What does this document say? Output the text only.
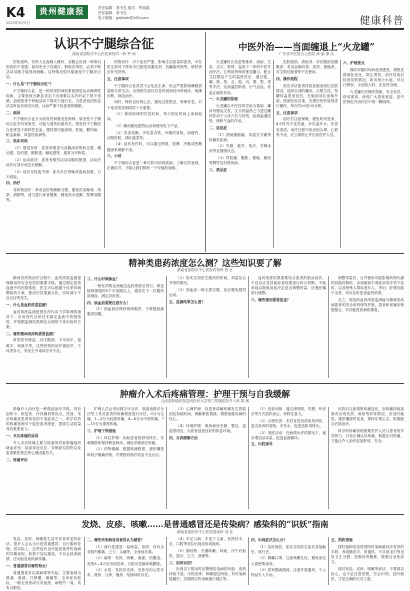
K4	贵州健康报
2023年9月5日
责任编辑：蔡书先 版式：罗丽娟
责任编辑：蔡书先
电子邮箱：gzjkbzk@163.com	健康科普
认识不宁腿综合征
湖南省邵阳市中心医院神经内一科 罗 雨

你知道吗，有些人在夜晚入睡时，双腿会出现一种难以形容的不适感，如同有虫子在爬行、蚂蚁在啃咬，必须不断活动双腿才能得到缓解。这种情况很可能就是不宁腿综合征。

一、什么是“不宁腿综合征”？

不宁腿综合征，是一种常见的神经系统感觉运动障碍性疾病，主要表现为静息状态下出现难以名状的双下肢不适感，迫使患者不停地活动下肢或下地行走，当患者返回休息状态时症状再次出现，从而严重干扰患者的睡眠。

二、病因

不宁腿综合征分为原发性和继发性两种。原发性不宁腿综合征多有家族史，可能与遗传因素有关；继发性不宁腿综合征常见于缺铁性贫血、慢性肾功能衰竭、妊娠、糖尿病、帕金森病、风湿性疾病等。

三、临床表现

（1）感觉异常：患者常描述为双腿深部的蚁走感、蠕动感、烧灼感、酸胀感、触电感等，通常为对称性。

（2）运动症状：患者有强烈活动双腿的愿望，活动后症状可部分或完全缓解。

（3）症状呈昼夜节律：症状多在傍晚或夜间加重，白天较轻。

四、治疗

非药物治疗：养成良好的睡眠习惯，避免饮用咖啡、浓茶、酒精等，适当进行体育锻炼，睡前热水泡脚、按摩双腿等。

药物治疗：对于症状严重、影响生活质量的患者，可在医生指导下使用多巴胺受体激动剂、抗癫痫药物等，缺铁者应补充铁剂。

五、注意事项

不宁腿综合征虽然不会危及生命，但会严重影响睡眠质量和日常生活，出现相关症状应及时到神经内科就诊，明确诊断，规范治疗。

同时，保持良好的心态，避免过度焦虑，规律作息，对于症状的控制同样十分重要。

（1）保持规律的作息时间，每天固定时间上床和起床。

（2）睡前避免剧烈运动和使用电子产品。

（3）饮食均衡，多吃富含铁、叶酸的食物，如瘦肉、动物肝脏、绿叶蔬菜等。

（4）症状发作时，可以通过伸展、按摩、冷敷或热敷腿部来缓解不适。

六、小结

不宁腿综合征是一种可防可治的疾病，了解它的表现，正确应对，才能让我们拥有一个安稳的夜晚。

中医外治——当面缠退上“火龙罐”
广东省中医院白云医院 徐 丽 谭 洁

火龙罐综合灸是集推拿、刮痧、艾灸、点穴、熨烫、温灸于一体的中医外治疗法。它利用特制的莲花罐口，配合艾柱燃烧产生的温热效应，通过揉、碾、推、按、点、摇、闪、震、熨、烫等手法，达到温经散寒、行气活血、祛湿止痛的作用。

一、火龙罐的原理

火龙罐以中医经络学说为基础，罐体内燃烧艾柱，艾火的温热之力透过罐体作用于人体穴位与经络，起到温通经络、调和气血的作用。

二、适应症

（1）颈肩腰腿痛、风湿关节痛等疼痛类疾病。

（2）失眠、疲劳、怕冷、手脚冰凉等亚健康状态。

（3）胃脘痛、腹胀、便秘、痛经等脾胃及妇科疾病。

三、禁忌症

皮肤破损、溃疡者；孕妇腹部及腰骶部；有出血倾向者；高热、抽搐者；对艾烟过敏者等不宜使用。

四、操作流程

首先评估患者体质及施治部位皮肤情况，选择合适的罐体，点燃艾柱，待罐体温度适宜后，在施治部位涂抹介质，按照先轻后重、先慢后快的原则进行操作，每次约20至30分钟。

五、注意事项

治疗后注意保暖，避免吹风受凉，4小时内不宜洗澡，多饮温开水，饮食宜清淡。治疗过程中如出现头晕、心慌等不适，应立即停止并告知医护人员。

六、护理要点

操作时随时询问患者感受，观察皮肤颜色变化，防止烫伤。治疗结束后检查皮肤情况，如出现小水泡，可自行吸收；水泡较大时，应及时处理。

火龙罐疗法操作简便、安全有效、舒适度高，深受广大患者欢迎，是中医特色外治疗法中的一颗明珠。

精神类患药浓度怎么测？这些知识要了解
湖南省邵阳市中心医院药剂科 张 红

精神类药物治疗过程中，血药浓度监测是保障用药安全有效的重要手段。通过测定患者血液中的药物浓度，医生可以根据个体差异调整给药方案，使治疗效果最大化，同时减少不良反应的发生。

一、什么是血药浓度监测？

血药浓度监测是指在药代动力学原理的指导下，应用现代分析技术测定血液中药物浓度，并根据监测结果制定合理的个体化给药方案。

二、哪些精神类药物需要监测？

常见的有锂盐、丙戊酸钠、卡马西平、氯氮平、奥氮平等。这些药物的治疗窗较窄，个体差异大，易发生中毒或疗效不佳。

三、什么时候抽血？

一般在药物达到稳态血药浓度后进行，即连续规律服药5个半衰期以上。通常在下一次服药前抽血，测定谷浓度。

四、抽血前需要注意什么？

（1）抽血前应保持规律服药，不要随意漏服或加服。

（2）如实告知医生服药的时间、剂量及合并用药情况。

（3）抽血前一般无需空腹，但应避免剧烈运动。

五、监测结果怎么看？

血药浓度结果需要结合患者的临床症状、不良反应及其他检查结果进行综合判断，不能单纯以数值高低决定是否调整药量，应遵医嘱进行调整。

六、哪些情况需要复查？

调整剂量后、合并使用可能影响药物代谢的其他药物时、出现疑似中毒症状或疗效不佳时，以及特殊人群如老年人、孕妇、肝肾功能不全者，均应及时复查血药浓度。

总之，规范的血药浓度监测能为精神类疾病患者的安全用药保驾护航，患者和家属应积极配合，共同促进疾病的康复。

肿瘤介入术后疼痛管理：护理干预与自我缓解
云南省肿瘤医院昆明医科大学第三附属医院介入科 陈 敏

肿瘤介入治疗是一种微创治疗手段，具有创伤小、恢复快、疗效确切等优点。然而，术后疼痛是患者常见的不适症状之一，科学有效的疼痛管理对于促进患者康复、提高生活质量具有重要意义。

一、术后疼痛的原因

介入术后疼痛主要与栓塞剂导致肿瘤组织缺血坏死、局部炎症反应、穿刺部位损伤以及患者紧张焦虑等心理因素有关。

二、疼痛评估

护理人员会采用数字评分法、面部表情评分法等工具对患者的疼痛程度进行评估，0分为无痛，1—3分为轻度疼痛，4—6分为中度疼痛，7—10分为重度疼痛。

三、护理干预措施

（1）体位护理：协助患者取舒适体位，穿刺侧肢体保持伸直制动，减轻穿刺部位疼痛。

（2）药物镇痛：根据疼痛程度，遵医嘱按时给予镇痛药物，并观察药物疗效及不良反应。

（3）心理护理：向患者讲解疼痛发生的原因及持续时间，缓解紧张情绪，增强战胜疾病的信心。

（4）环境护理：保持病房安静、整洁、温湿度适宜，为患者创造良好的休息环境。

四、自我缓解方法

（1）放松训练：通过深呼吸、冥想、听音乐等方式放松身心，转移注意力。

（2）合理饮食：术后宜进食清淡易消化、富含营养的食物，多饮水，促进造影剂排出。

（3）适度活动：在病情允许的情况下，逐步增加活动量，促进血液循环。

五、出院指导

出院后注意观察疼痛变化，如疼痛持续加重或出现发热、黄疸等异常情况，应及时就医。遵医嘱按时复查，保持乐观心态，积极配合后续治疗。

科学的疼痛管理需要医护人员与患者的共同努力，只有正确认识疼痛、积极应对疼痛，才能让介入治疗更加舒适、安全。

发烧、皮疹、咳嗽……是普通感冒还是传染病？感染科的“识妖”指南
湖南省邵阳市中心医院感染科 刘 佳

发烧、皮疹、咳嗽是生活中非常常见的症状，很多人会认为只是普通感冒，自行服药处理。但实际上，这些症状也可能是某些传染病的早期表现，如果不加以重视，不仅会延误病情，还可能造成疾病传播。

一、普通感冒有哪些特点？

普通感冒多由鼻病毒等引起，主要表现为鼻塞、流涕、打喷嚏、咽痛等，全身症状较轻，一般无发热或仅有低热，病程约一周，具有自限性。

二、哪些传染病容易被误认为感冒？

（1）流行性感冒：起病急，高热，伴有全身肌肉酸痛、乏力、头痛等，全身症状重。

（2）麻疹：发热、咳嗽、流涕、结膜炎，发热3—4天后出现皮疹，口腔可见麻疹黏膜斑。

（3）水痘：发热伴皮疹，皮疹呈向心性分布，斑疹、丘疹、疱疹、结痂同时存在。

（4）手足口病：多见于儿童，发热伴手、足、口腔等部位出现皮疹或疱疹。

（5）肺结核：长期咳嗽、咳痰，伴午后低热、盗汗、乏力、消瘦等。

三、如何识别？

出现以下情况时应警惕传染病的可能：高热持续不退；出现皮疹；咳嗽超过两周；有传染病接触史；近期到过传染病流行地区等。

四、出现症状怎么办？

（1）及时就医，如实告知医生症状及接触史、旅行史。

（2）佩戴口罩，注意咳嗽礼仪，避免前往人群密集场所。

（3）居家隔离期间，注意开窗通风，个人物品专人专用。

五、预防措施

按时接种疫苗是预防传染病最经济有效的手段；养成勤洗手、常通风、不共用毛巾等良好卫生习惯；加强体育锻炼，增强自身免疫力。

面对发烧、皮疹、咳嗽等症状，不要掉以轻心，也不必过度恐慌，学会识别、及时就医，才是正确的应对之道。
